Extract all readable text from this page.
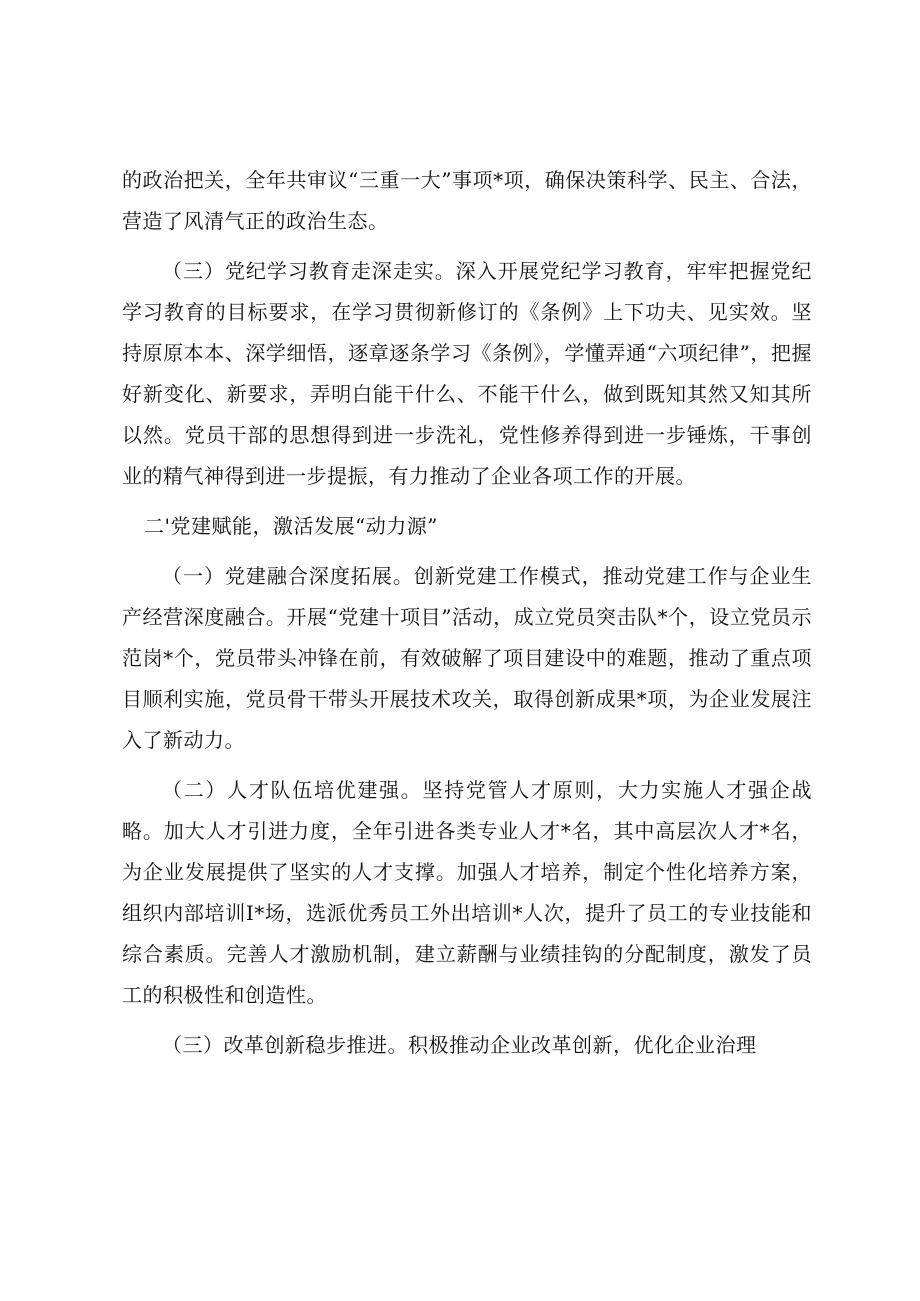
的政治把关，全年共审议“三重一大”事项*项，确保决策科学、民主、合法，营造了风清气正的政治生态。

（三）党纪学习教育走深走实。深入开展党纪学习教育，牢牢把握党纪学习教育的目标要求，在学习贯彻新修订的《条例》上下功夫、见实效。坚持原原本本、深学细悟，逐章逐条学习《条例》，学懂弄通“六项纪律”，把握好新变化、新要求，弄明白能干什么、不能干什么，做到既知其然又知其所以然。党员干部的思想得到进一步洗礼，党性修养得到进一步锤炼，干事创业的精气神得到进一步提振，有力推动了企业各项工作的开展。

二'党建赋能，激活发展“动力源”

（一）党建融合深度拓展。创新党建工作模式，推动党建工作与企业生产经营深度融合。开展“党建十项目”活动，成立党员突击队*个，设立党员示范岗*个，党员带头冲锋在前，有效破解了项目建设中的难题，推动了重点项目顺利实施，党员骨干带头开展技术攻关，取得创新成果*项，为企业发展注入了新动力。

（二）人才队伍培优建强。坚持党管人才原则，大力实施人才强企战略。加大人才引进力度，全年引进各类专业人才*名，其中高层次人才*名，为企业发展提供了坚实的人才支撑。加强人才培养，制定个性化培养方案，组织内部培训I*场，选派优秀员工外出培训*人次，提升了员工的专业技能和综合素质。完善人才激励机制，建立薪酬与业绩挂钩的分配制度，激发了员工的积极性和创造性。

（三）改革创新稳步推进。积极推动企业改革创新，优化企业治理
